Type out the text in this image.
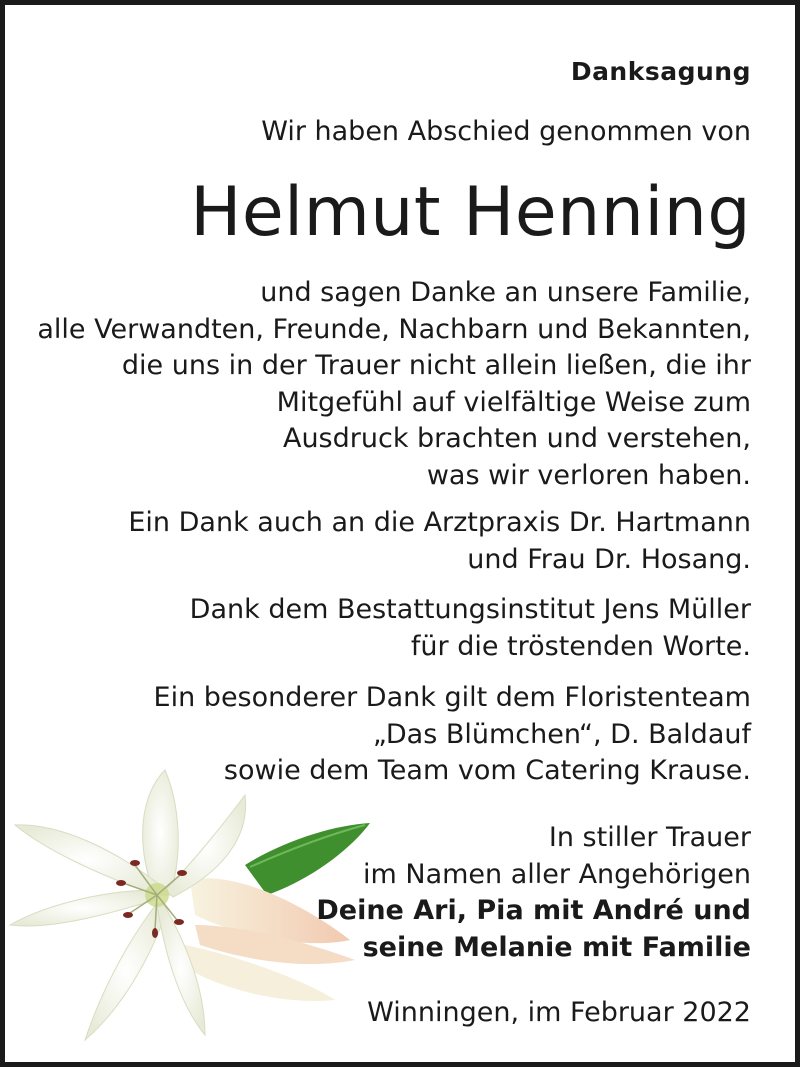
Danksagung
Wir haben Abschied genommen von
Helmut Henning
und sagen Danke an unsere Familie,
alle Verwandten, Freunde, Nachbarn und Bekannten,
die uns in der Trauer nicht allein ließen, die ihr
Mitgefühl auf vielfältige Weise zum
Ausdruck brachten und verstehen,
was wir verloren haben.
Ein Dank auch an die Arztpraxis Dr. Hartmann
und Frau Dr. Hosang.
Dank dem Bestattungsinstitut Jens Müller
für die tröstenden Worte.
Ein besonderer Dank gilt dem Floristenteam
„Das Blümchen“, D. Baldauf
sowie dem Team vom Catering Krause.
In stiller Trauer
im Namen aller Angehörigen
Deine Ari, Pia mit André und
seine Melanie mit Familie
Winningen, im Februar 2022
